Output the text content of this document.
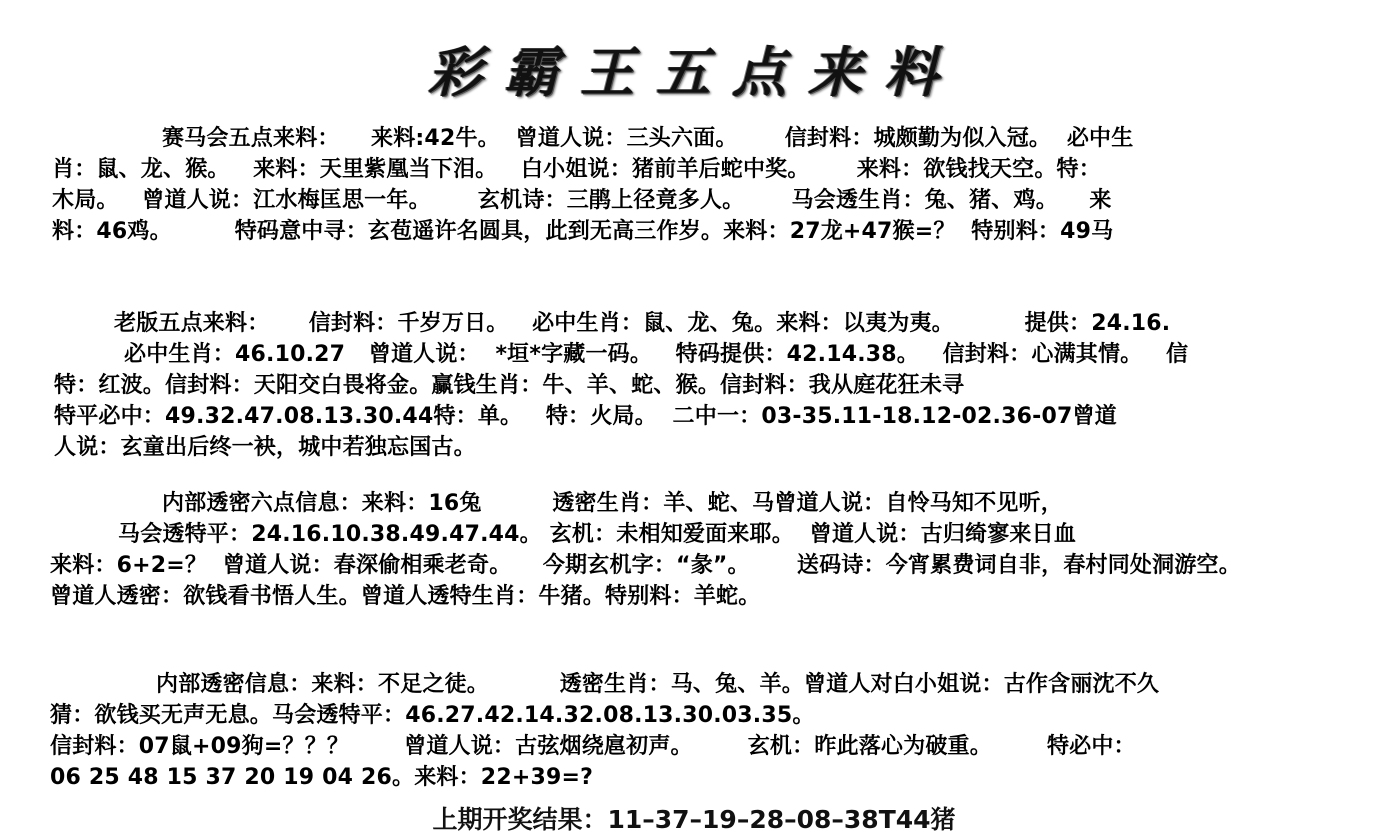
彩霸王五点来料
赛马会五点来料：    来料:42牛。  曾道人说：三头六面。      信封料：城颇勤为似入冠。  必中生
肖：鼠、龙、猴。   来料：天里紫凰当下泪。   白小姐说：猪前羊后蛇中奖。      来料：欲钱找天空。特：
木局。   曾道人说：江水梅匡思一年。      玄机诗：三鹃上径竟多人。      马会透生肖：兔、猪、鸡。    来
料：46鸡。        特码意中寻：玄苞遥许名圆具，此到无高三作岁。来料：27龙+47猴=？  特别料：49马
老版五点来料：     信封料：千岁万日。   必中生肖：鼠、龙、兔。来料：以夷为夷。         提供：24.16.
必中生肖：46.10.27   曾道人说：  *垣*字藏一码。   特码提供：42.14.38。   信封料：心满其情。   信
特：红波。信封料：天阳交白畏将金。赢钱生肖：牛、羊、蛇、猴。信封料：我从庭花狂未寻
特平必中：49.32.47.08.13.30.44特：单。   特：火局。  二中一：03-35.11-18.12-02.36-07曾道
人说：玄童出后终一袂，城中若独忘国古。
内部透密六点信息：来料：16兔         透密生肖：羊、蛇、马曾道人说：自怜马知不见听，
马会透特平：24.16.10.38.49.47.44。 玄机：未相知爱面来耶。  曾道人说：古归绮寥来日血
来料：6+2=？  曾道人说：春深偷相乘老奇。    今期玄机字：“彖”。      送码诗：今宵累费词自非，春村同处洞游空。
曾道人透密：欲钱看书悟人生。曾道人透特生肖：牛猪。特别料：羊蛇。
内部透密信息：来料：不足之徒。         透密生肖：马、兔、羊。曾道人对白小姐说：古作含丽沈不久
猜：欲钱买无声无息。马会透特平：46.27.42.14.32.08.13.30.03.35。
信封料：07鼠+09狗=？？？       曾道人说：古弦烟绕扈初声。       玄机：昨此落心为破重。       特必中：
06 25 48 15 37 20 19 04 26。来料：22+39=?
上期开奖结果：11–37–19–28–08–38T44猪
